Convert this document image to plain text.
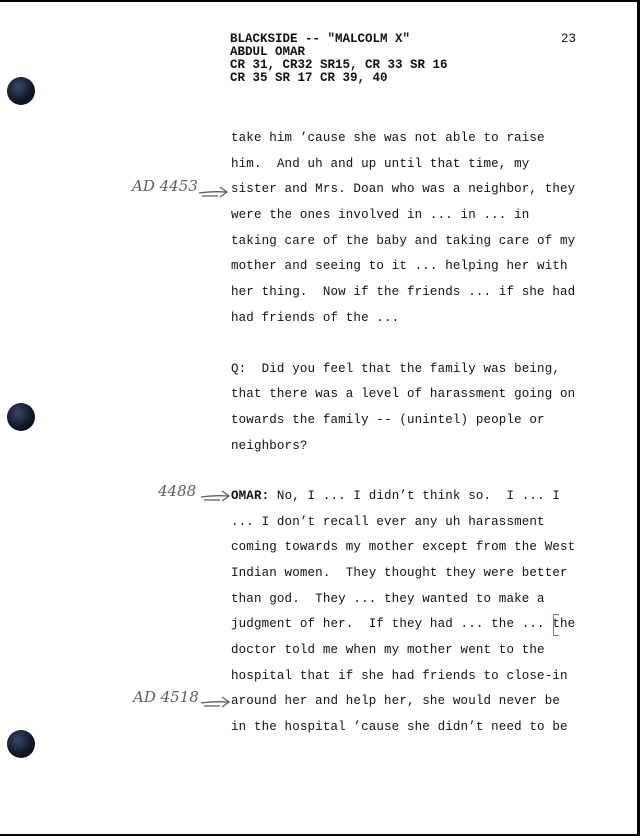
BLACKSIDE -- "MALCOLM X"
ABDUL OMAR
CR 31, CR32 SR15, CR 33 SR 16
CR 35 SR 17 CR 39, 40
23
take him ’cause she was not able to raise
him.  And uh and up until that time, my
sister and Mrs. Doan who was a neighbor, they
were the ones involved in ... in ... in
taking care of the baby and taking care of my
mother and seeing to it ... helping her with
her thing.  Now if the friends ... if she had
had friends of the ...
Q:  Did you feel that the family was being,
that there was a level of harassment going on
towards the family -- (unintel) people or
neighbors?
OMAR: No, I ... I didn’t think so.  I ... I
... I don’t recall ever any uh harassment
coming towards my mother except from the West
Indian women.  They thought they were better
than god.  They ... they wanted to make a
judgment of her.  If they had ... the ... the
doctor told me when my mother went to the
hospital that if she had friends to close-in
around her and help her, she would never be
in the hospital ’cause she didn’t need to be
AD 4453
4488
AD 4518
